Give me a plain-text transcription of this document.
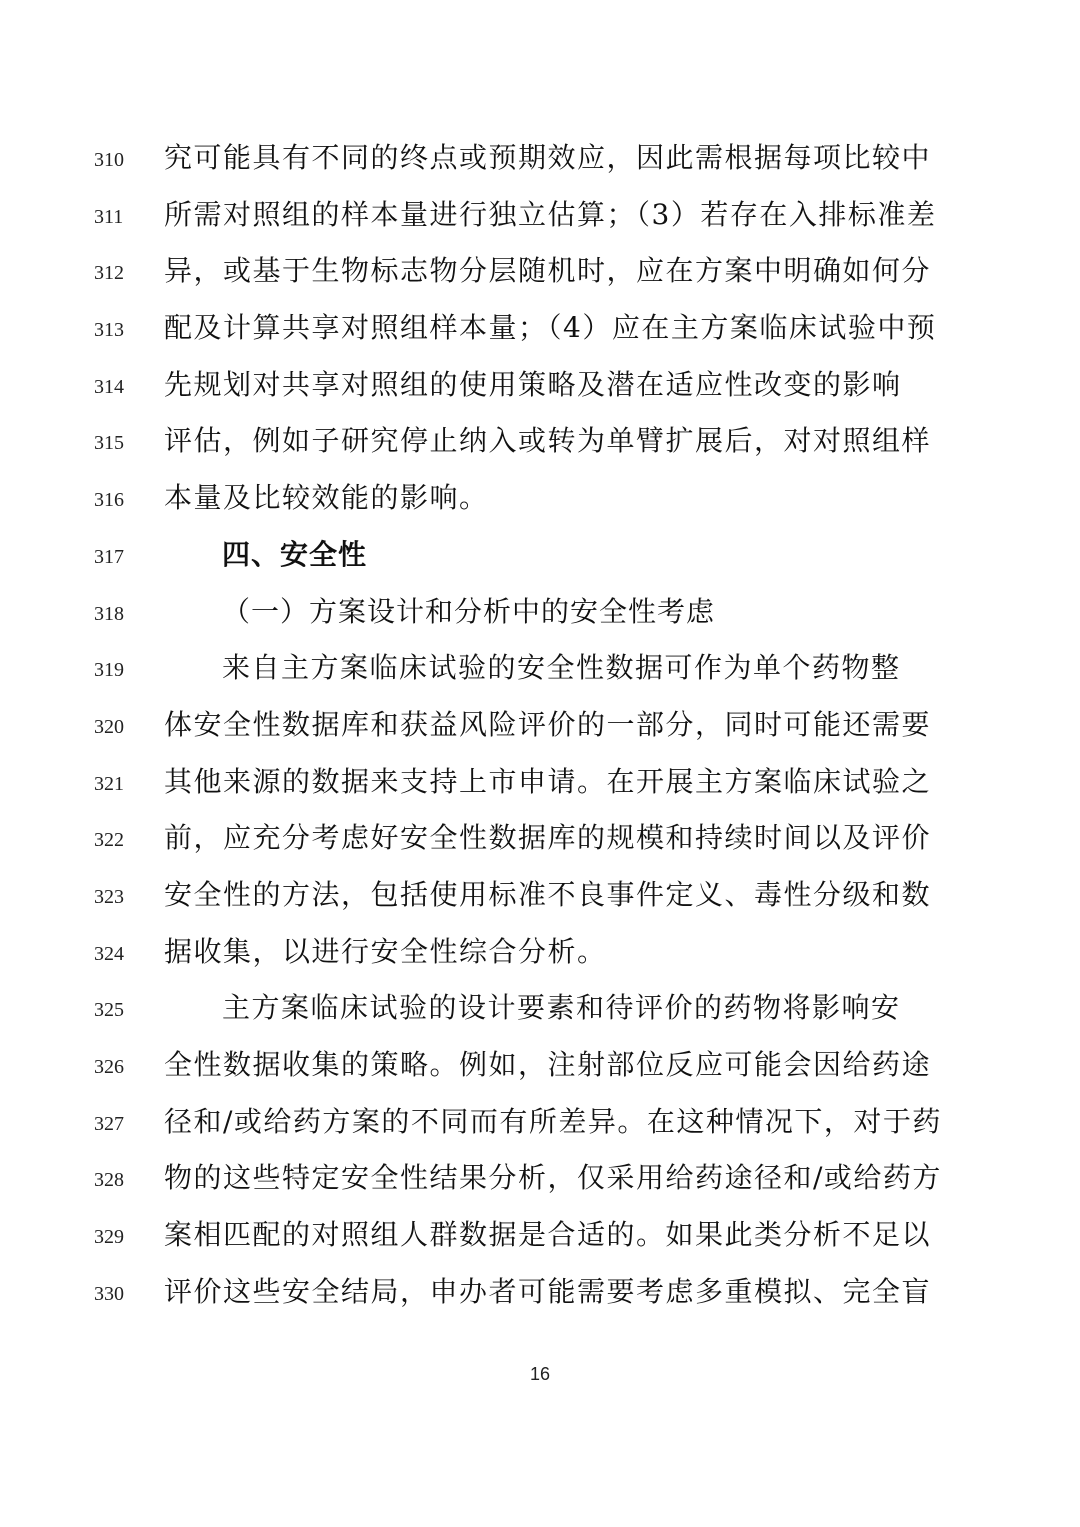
310	究可能具有不同的终点或预期效应，因此需根据每项比较中
311	所需对照组的样本量进行独立估算；（3）若存在入排标准差
312	异，或基于生物标志物分层随机时，应在方案中明确如何分
313	配及计算共享对照组样本量；（4）应在主方案临床试验中预
314	先规划对共享对照组的使用策略及潜在适应性改变的影响
315	评估，例如子研究停止纳入或转为单臂扩展后，对对照组样
316	本量及比较效能的影响。
317	四、安全性
318	（一）方案设计和分析中的安全性考虑
319	来自主方案临床试验的安全性数据可作为单个药物整
320	体安全性数据库和获益风险评价的一部分，同时可能还需要
321	其他来源的数据来支持上市申请。在开展主方案临床试验之
322	前，应充分考虑好安全性数据库的规模和持续时间以及评价
323	安全性的方法，包括使用标准不良事件定义、毒性分级和数
324	据收集，以进行安全性综合分析。
325	主方案临床试验的设计要素和待评价的药物将影响安
326	全性数据收集的策略。例如，注射部位反应可能会因给药途
327	径和/或给药方案的不同而有所差异。在这种情况下，对于药
328	物的这些特定安全性结果分析，仅采用给药途径和/或给药方
329	案相匹配的对照组人群数据是合适的。如果此类分析不足以
330	评价这些安全结局，申办者可能需要考虑多重模拟、完全盲
16
